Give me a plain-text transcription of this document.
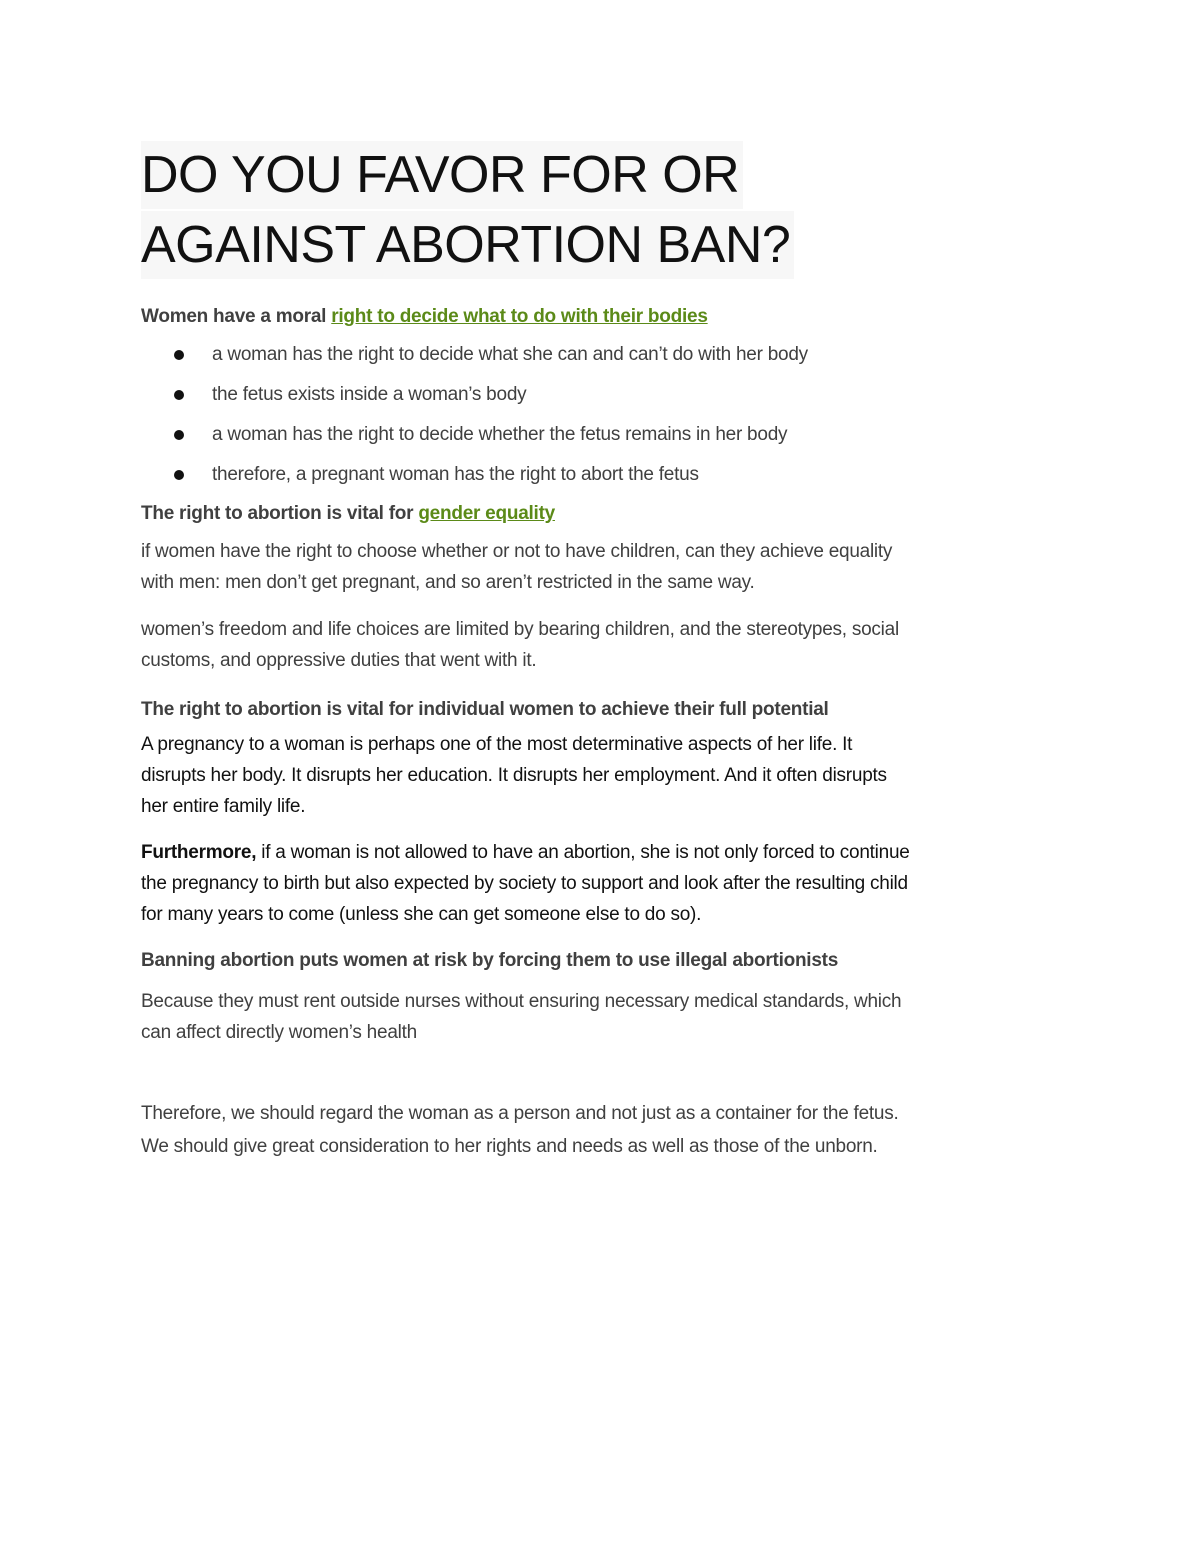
DO YOU FAVOR FOR OR
AGAINST ABORTION BAN?
Women have a moral right to decide what to do with their bodies
a woman has the right to decide what she can and can’t do with her body
the fetus exists inside a woman’s body
a woman has the right to decide whether the fetus remains in her body
therefore, a pregnant woman has the right to abort the fetus
The right to abortion is vital for gender equality
if women have the right to choose whether or not to have children, can they achieve equality
with men: men don’t get pregnant, and so aren’t restricted in the same way.
women’s freedom and life choices are limited by bearing children, and the stereotypes, social
customs, and oppressive duties that went with it.
The right to abortion is vital for individual women to achieve their full potential
A pregnancy to a woman is perhaps one of the most determinative aspects of her life. It
disrupts her body. It disrupts her education. It disrupts her employment. And it often disrupts
her entire family life.
Furthermore, if a woman is not allowed to have an abortion, she is not only forced to continue
the pregnancy to birth but also expected by society to support and look after the resulting child
for many years to come (unless she can get someone else to do so).
Banning abortion puts women at risk by forcing them to use illegal abortionists
Because they must rent outside nurses without ensuring necessary medical standards, which
can affect directly women’s health
Therefore, we should regard the woman as a person and not just as a container for the fetus.
We should give great consideration to her rights and needs as well as those of the unborn.
